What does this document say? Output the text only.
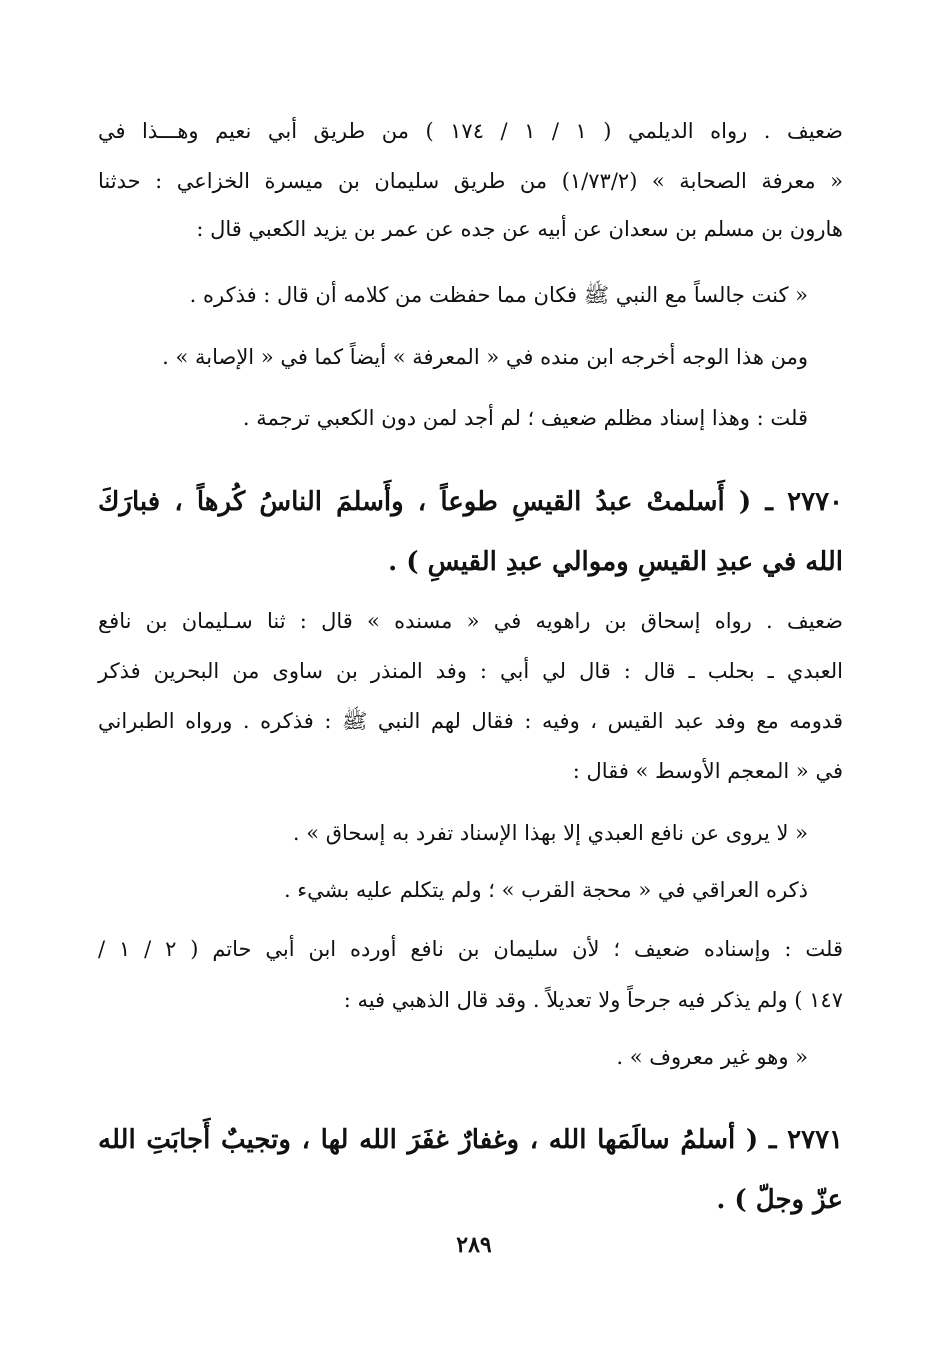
ضعيف . رواه الديلمي ( ١ / ١ / ١٧٤ ) من طريق أبي نعيم وهـــذا في
« معرفة الصحابة » (١/٧٣/٢) من طريق سليمان بن ميسرة الخزاعي : حدثنا
هارون بن مسلم بن سعدان عن أبيه عن جده عن عمر بن يزيد الكعبي قال :
« كنت جالساً مع النبي ﷺ فكان مما حفظت من كلامه أن قال : فذكره .
ومن هذا الوجه أخرجه ابن منده في « المعرفة » أيضاً كما في « الإصابة » .
قلت : وهذا إسناد مظلم ضعيف ؛ لم أجد لمن دون الكعبي ترجمة .
٢٧٧٠ ـ ( أَسلمتْ عبدُ القيسِ طوعاً ، وأَسلمَ الناسُ كُرهاً ، فبارَكَ
الله في عبدِ القيسِ وموالي عبدِ القيسِ ) .
ضعيف . رواه إسحاق بن راهويه في « مسنده » قال : ثنا سـليمان بن نافع
العبدي ـ بحلب ـ قال : قال لي أبي : وفد المنذر بن ساوى من البحرين فذكر
قدومه مع وفد عبد القيس ، وفيه : فقال لهم النبي ﷺ : فذكره . ورواه الطبراني
في « المعجم الأوسط » فقال :
« لا يروى عن نافع العبدي إلا بهذا الإسناد تفرد به إسحاق » .
ذكره العراقي في « محجة القرب » ؛ ولم يتكلم عليه بشيء .
قلت : وإسناده ضعيف ؛ لأن سليمان بن نافع أورده ابن أبي حاتم ( ٢ / ١ /
١٤٧ ) ولم يذكر فيه جرحاً ولا تعديلاً . وقد قال الذهبي فيه :
« وهو غير معروف » .
٢٧٧١ ـ ( أسلمُ سالَمَها الله ، وغفارٌ غفَرَ الله لها ، وتجيبٌ أَجابَتِ الله
عزّ وجلّ ) .
٢٨٩
